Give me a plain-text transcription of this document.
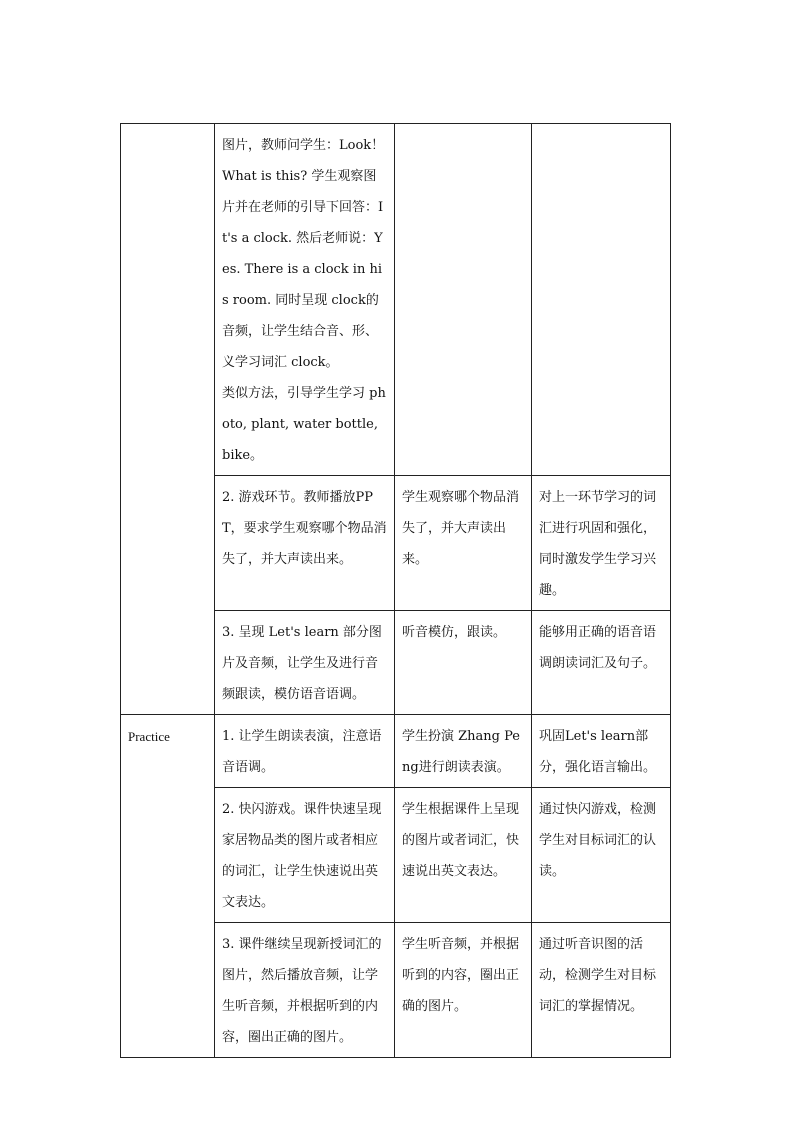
	图片，教师问学生：Look！What is this? 学生观察图片并在老师的引导下回答：It's a clock. 然后老师说：Yes. There is a clock in his room. 同时呈现 clock的音频，让学生结合音、形、义学习词汇 clock。
类似方法，引导学生学习 photo, plant, water bottle, bike。		

	2. 游戏环节。教师播放PPT，要求学生观察哪个物品消失了，并大声读出来。	学生观察哪个物品消失了，并大声读出来。	对上一环节学习的词汇进行巩固和强化，同时激发学生学习兴趣。

	3. 呈现 Let's learn 部分图片及音频，让学生及进行音频跟读，模仿语音语调。	听音模仿，跟读。	能够用正确的语音语调朗读词汇及句子。
Practice	1. 让学生朗读表演，注意语音语调。	学生扮演 Zhang Peng进行朗读表演。	巩固Let's learn部分，强化语言输出。

	2. 快闪游戏。课件快速呈现家居物品类的图片或者相应的词汇，让学生快速说出英文表达。	学生根据课件上呈现的图片或者词汇，快速说出英文表达。	通过快闪游戏，检测学生对目标词汇的认读。

	3. 课件继续呈现新授词汇的图片，然后播放音频，让学生听音频，并根据听到的内容，圈出正确的图片。	学生听音频，并根据听到的内容，圈出正确的图片。	通过听音识图的活动，检测学生对目标词汇的掌握情况。
